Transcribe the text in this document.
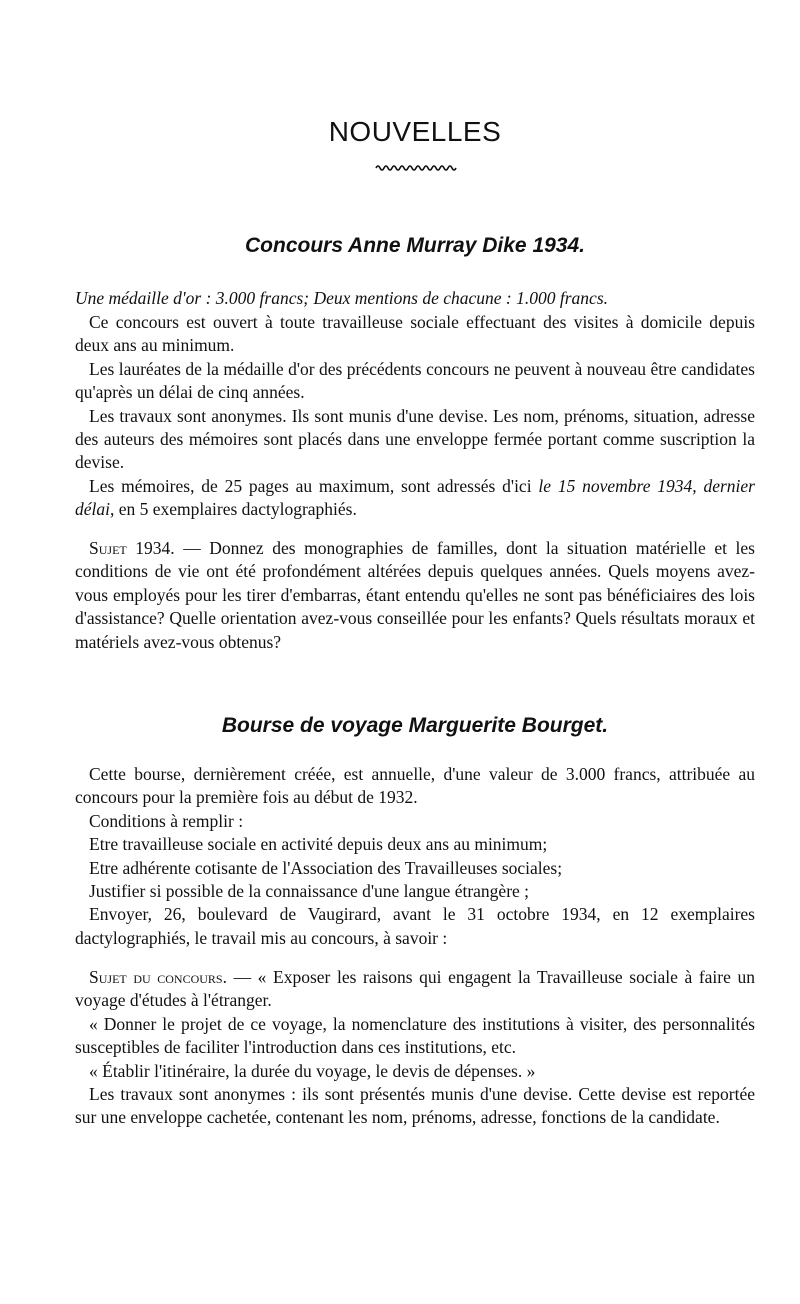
NOUVELLES
Concours Anne Murray Dike 1934.

Une médaille d'or : 3.000 francs; Deux mentions de chacune : 1.000 francs.

Ce concours est ouvert à toute travailleuse sociale effectuant des visites à domicile depuis deux ans au minimum.

Les lauréates de la médaille d'or des précédents concours ne peuvent à nouveau être candidates qu'après un délai de cinq années.

Les travaux sont anonymes. Ils sont munis d'une devise. Les nom, prénoms, situation, adresse des auteurs des mémoires sont placés dans une enveloppe fermée portant comme suscription la devise.

Les mémoires, de 25 pages au maximum, sont adressés d'ici le 15 novembre 1934, dernier délai, en 5 exemplaires dactylographiés.

Sujet 1934. — Donnez des monographies de familles, dont la situation matérielle et les conditions de vie ont été profondément altérées depuis quelques années. Quels moyens avez-vous employés pour les tirer d'embarras, étant entendu qu'elles ne sont pas bénéficiaires des lois d'assistance? Quelle orientation avez-vous conseillée pour les enfants? Quels résultats moraux et matériels avez-vous obtenus?

Bourse de voyage Marguerite Bourget.

Cette bourse, dernièrement créée, est annuelle, d'une valeur de 3.000 francs, attribuée au concours pour la première fois au début de 1932.

Conditions à remplir :

Etre travailleuse sociale en activité depuis deux ans au minimum;

Etre adhérente cotisante de l'Association des Travailleuses sociales;

Justifier si possible de la connaissance d'une langue étrangère ;

Envoyer, 26, boulevard de Vaugirard, avant le 31 octobre 1934, en 12 exemplaires dactylographiés, le travail mis au concours, à savoir :

Sujet du concours. — « Exposer les raisons qui engagent la Travailleuse sociale à faire un voyage d'études à l'étranger.

« Donner le projet de ce voyage, la nomenclature des institutions à visiter, des personnalités susceptibles de faciliter l'introduction dans ces institutions, etc.

« Établir l'itinéraire, la durée du voyage, le devis de dépenses. »

Les travaux sont anonymes : ils sont présentés munis d'une devise. Cette devise est reportée sur une enveloppe cachetée, contenant les nom, prénoms, adresse, fonctions de la candidate.
